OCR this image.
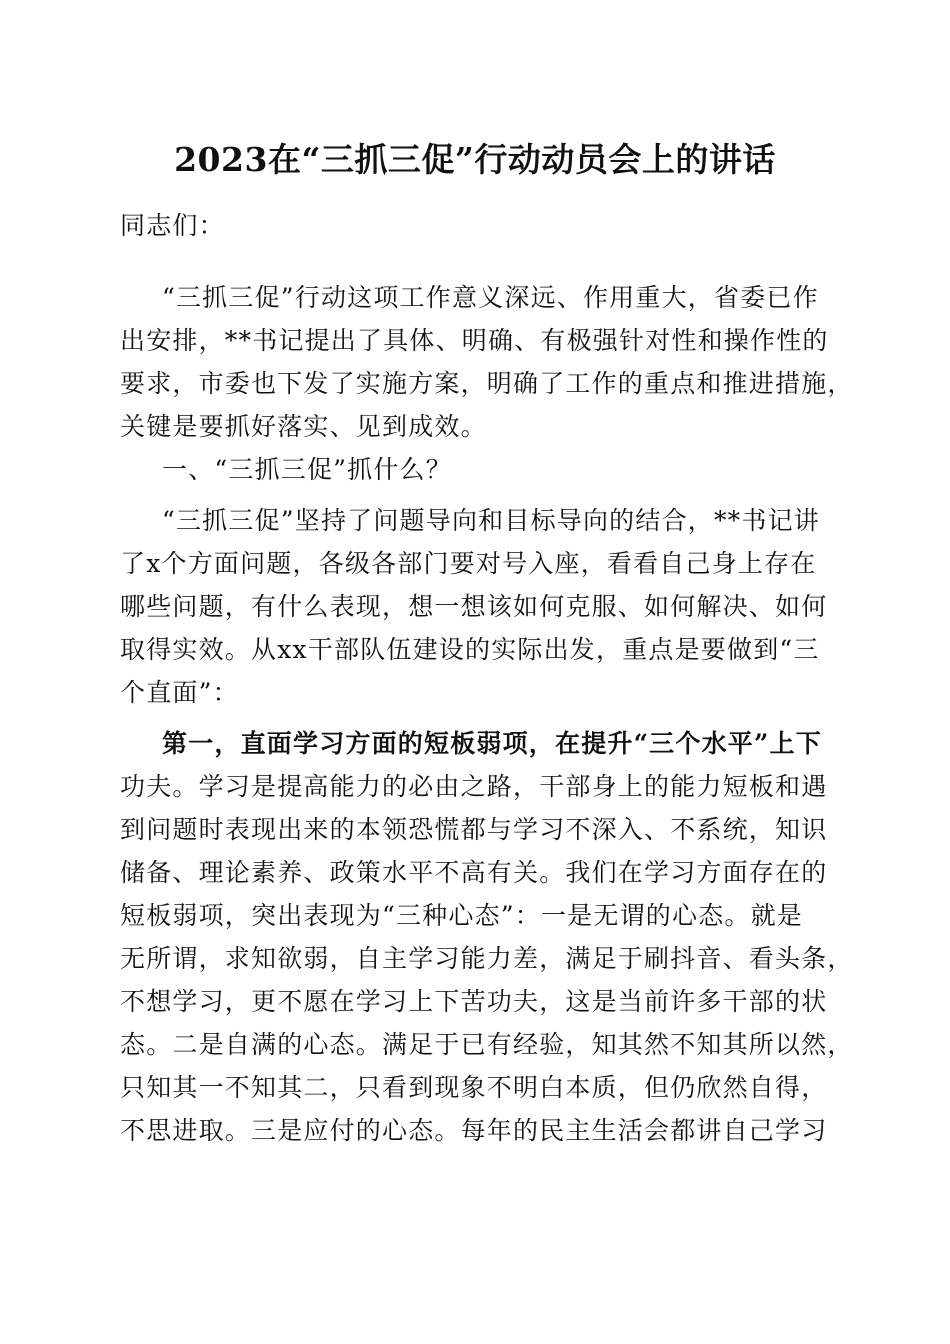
2023在“三抓三促”行动动员会上的讲话
同志们：
“三抓三促”行动这项工作意义深远、作用重大，省委已作
出安排，**书记提出了具体、明确、有极强针对性和操作性的
要求，市委也下发了实施方案，明确了工作的重点和推进措施，
关键是要抓好落实、见到成效。
一、“三抓三促”抓什么？
“三抓三促”坚持了问题导向和目标导向的结合，**书记讲
了x个方面问题，各级各部门要对号入座，看看自己身上存在
哪些问题，有什么表现，想一想该如何克服、如何解决、如何
取得实效。从xx干部队伍建设的实际出发，重点是要做到“三
个直面”：
第一，直面学习方面的短板弱项，在提升“三个水平”上下
功夫。学习是提高能力的必由之路，干部身上的能力短板和遇
到问题时表现出来的本领恐慌都与学习不深入、不系统，知识
储备、理论素养、政策水平不高有关。我们在学习方面存在的
短板弱项，突出表现为“三种心态”：一是无谓的心态。就是
无所谓，求知欲弱，自主学习能力差，满足于刷抖音、看头条，
不想学习，更不愿在学习上下苦功夫，这是当前许多干部的状
态。二是自满的心态。满足于已有经验，知其然不知其所以然，
只知其一不知其二，只看到现象不明白本质，但仍欣然自得，
不思进取。三是应付的心态。每年的民主生活会都讲自己学习
